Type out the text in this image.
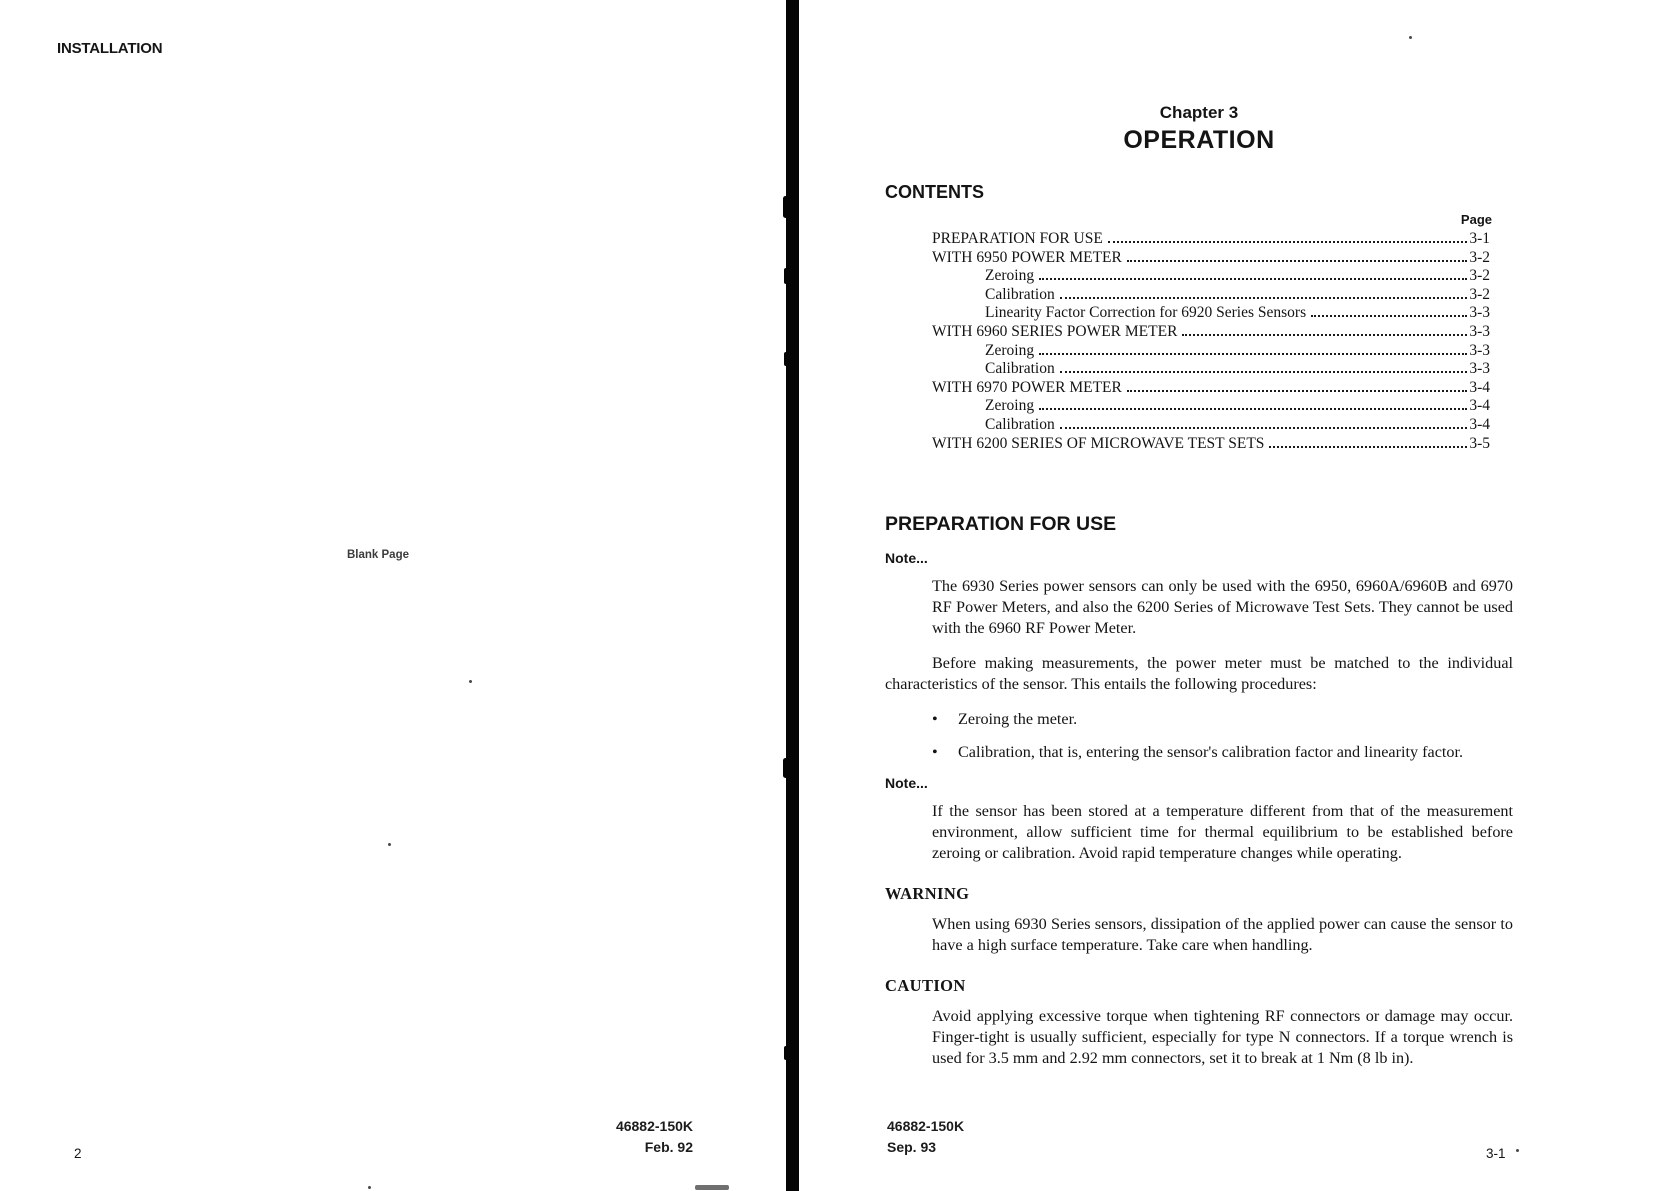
INSTALLATION
Blank Page
46882-150K
Feb. 92
2
Chapter 3
OPERATION
CONTENTS
Page
PREPARATION FOR USE	3-1
WITH 6950 POWER METER	3-2
Zeroing	3-2
Calibration	3-2
Linearity Factor Correction for 6920 Series Sensors	3-3
WITH 6960 SERIES POWER METER	3-3
Zeroing	3-3
Calibration	3-3
WITH 6970 POWER METER	3-4
Zeroing	3-4
Calibration	3-4
WITH 6200 SERIES OF MICROWAVE TEST SETS	3-5
PREPARATION FOR USE
Note...

The 6930 Series power sensors can only be used with the 6950, 6960A/6960B and 6970 RF Power Meters, and also the 6200 Series of Microwave Test Sets. They cannot be used with the 6960 RF Power Meter.

Before making measurements, the power meter must be matched to the individual characteristics of the sensor. This entails the following procedures:

•	Zeroing the meter.
•	Calibration, that is, entering the sensor's calibration factor and linearity factor.
Note...

If the sensor has been stored at a temperature different from that of the measurement environment, allow sufficient time for thermal equilibrium to be established before zeroing or calibration. Avoid rapid temperature changes while operating.

WARNING

When using 6930 Series sensors, dissipation of the applied power can cause the sensor to have a high surface temperature. Take care when handling.

CAUTION

Avoid applying excessive torque when tightening RF connectors or damage may occur. Finger-tight is usually sufficient, especially for type N connectors. If a torque wrench is used for 3.5 mm and 2.92 mm connectors, set it to break at 1 Nm (8 lb in).

46882-150K
Sep. 93	3-1
